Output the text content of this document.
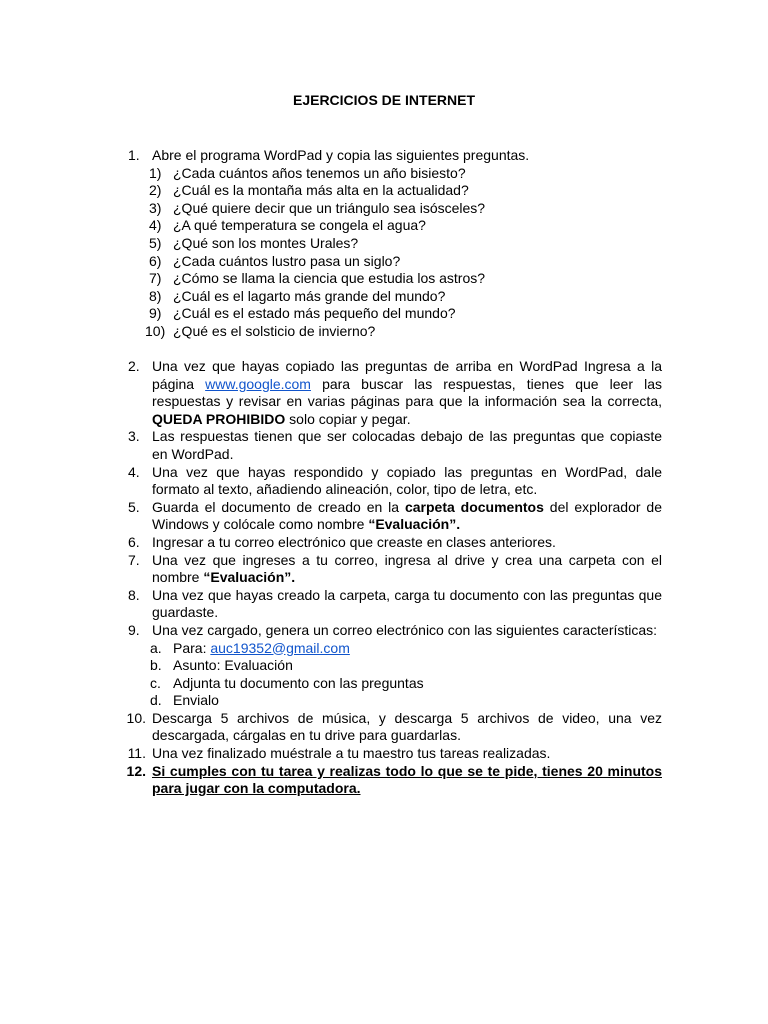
EJERCICIOS DE INTERNET
1. Abre el programa WordPad y copia las siguientes preguntas.
1) ¿Cada cuántos años tenemos un año bisiesto?
2) ¿Cuál es la montaña más alta en la actualidad?
3) ¿Qué quiere decir que un triángulo sea isósceles?
4) ¿A qué temperatura se congela el agua?
5) ¿Qué son los montes Urales?
6) ¿Cada cuántos lustro pasa un siglo?
7) ¿Cómo se llama la ciencia que estudia los astros?
8) ¿Cuál es el lagarto más grande del mundo?
9) ¿Cuál es el estado más pequeño del mundo?
10) ¿Qué es el solsticio de invierno?
2. Una vez que hayas copiado las preguntas de arriba en WordPad Ingresa a la página www.google.com para buscar las respuestas, tienes que leer las respuestas y revisar en varias páginas para que la información sea la correcta, QUEDA PROHIBIDO solo copiar y pegar.
3. Las respuestas tienen que ser colocadas debajo de las preguntas que copiaste en WordPad.
4. Una vez que hayas respondido y copiado las preguntas en WordPad, dale formato al texto, añadiendo alineación, color, tipo de letra, etc.
5. Guarda el documento de creado en la carpeta documentos del explorador de Windows y colócale como nombre “Evaluación”.
6. Ingresar a tu correo electrónico que creaste en clases anteriores.
7. Una vez que ingreses a tu correo, ingresa al drive y crea una carpeta con el nombre “Evaluación”.
8. Una vez que hayas creado la carpeta, carga tu documento con las preguntas que guardaste.
9. Una vez cargado, genera un correo electrónico con las siguientes características:
a. Para: auc19352@gmail.com
b. Asunto: Evaluación
c. Adjunta tu documento con las preguntas
d. Envialo
10. Descarga 5 archivos de música, y descarga 5 archivos de video, una vez descargada, cárgalas en tu drive para guardarlas.
11. Una vez finalizado muéstrale a tu maestro tus tareas realizadas.
12. Si cumples con tu tarea y realizas todo lo que se te pide, tienes 20 minutos para jugar con la computadora.
